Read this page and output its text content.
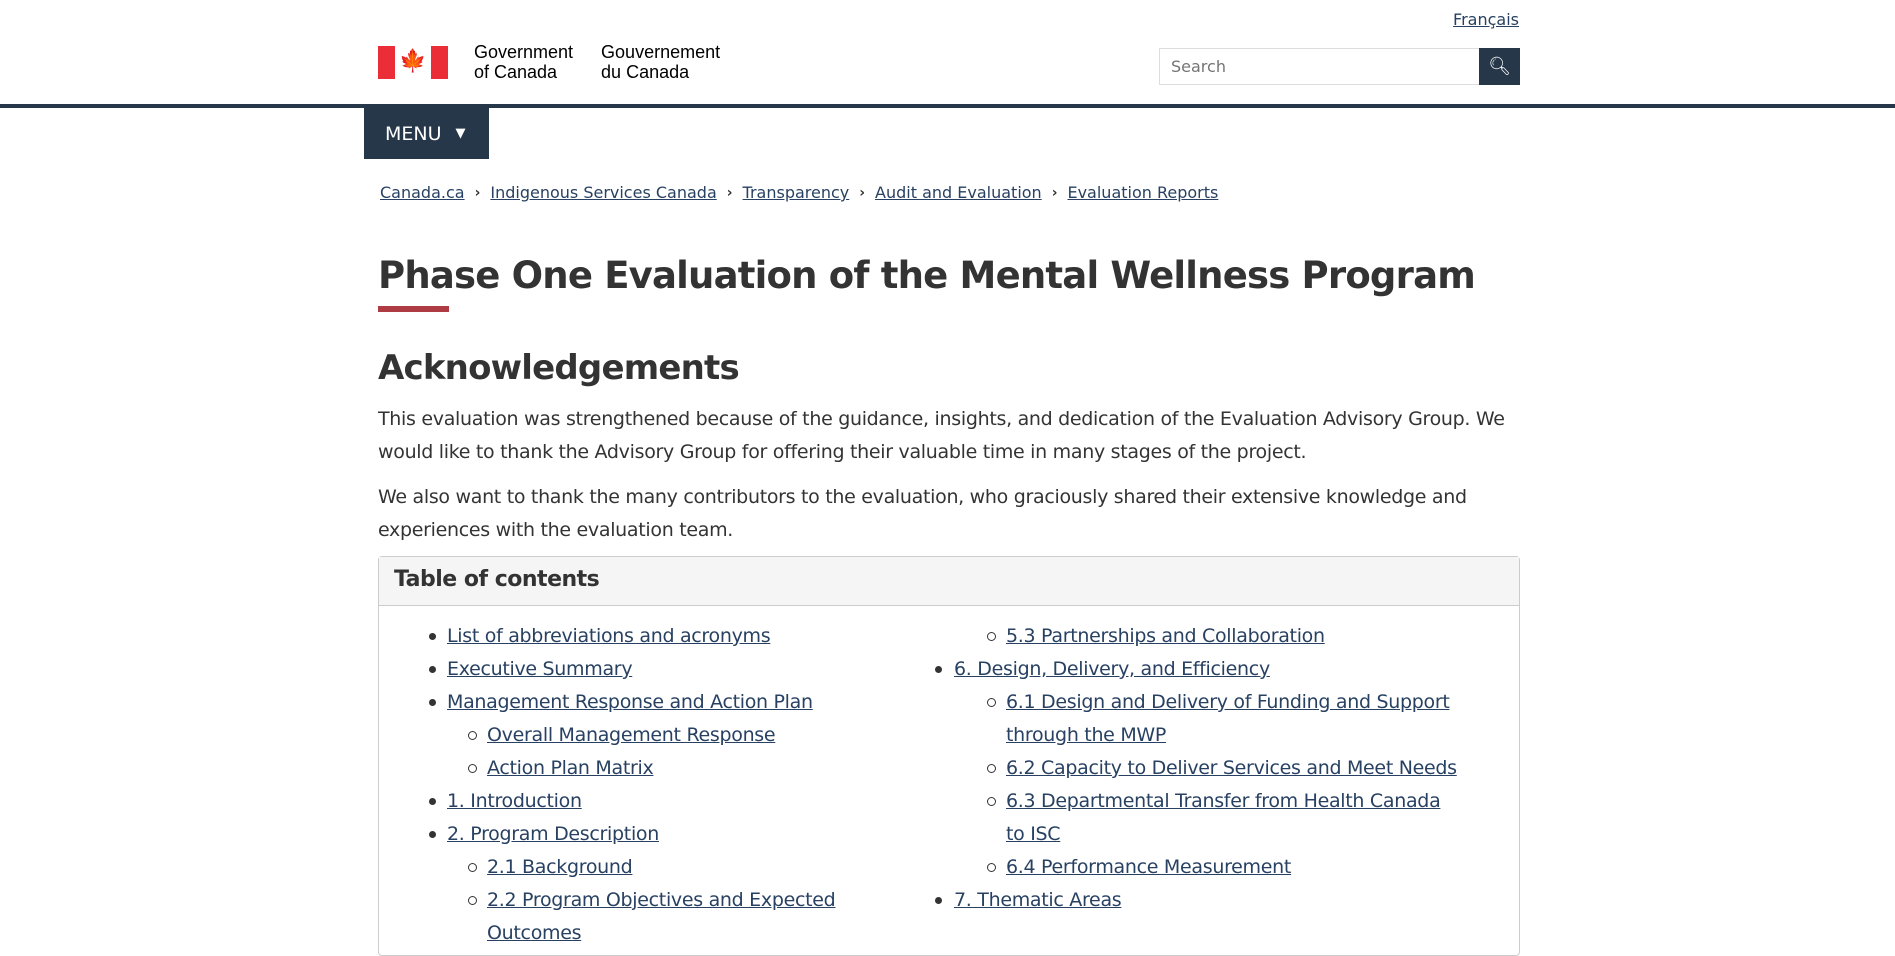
Français
🍁	Government
of Canada
Gouvernement
du Canada
Search	🔍︎
MENU ▼
Canada.ca › Indigenous Services Canada › Transparency › Audit and Evaluation › Evaluation Reports
Phase One Evaluation of the Mental Wellness Program
Acknowledgements

This evaluation was strengthened because of the guidance, insights, and dedication of the Evaluation Advisory Group. We would like to thank the Advisory Group for offering their valuable time in many stages of the project.

We also want to thank the many contributors to the evaluation, who graciously shared their extensive knowledge and experiences with the evaluation team.

Table of contents
List of abbreviations and acronyms
Executive Summary
Management Response and Action Plan
Overall Management Response
Action Plan Matrix
1. Introduction
2. Program Description
2.1 Background
2.2 Program Objectives and Expected Outcomes
5.3 Partnerships and Collaboration
6. Design, Delivery, and Efficiency
6.1 Design and Delivery of Funding and Support through the MWP
6.2 Capacity to Deliver Services and Meet Needs
6.3 Departmental Transfer from Health Canada to ISC
6.4 Performance Measurement
7. Thematic Areas
